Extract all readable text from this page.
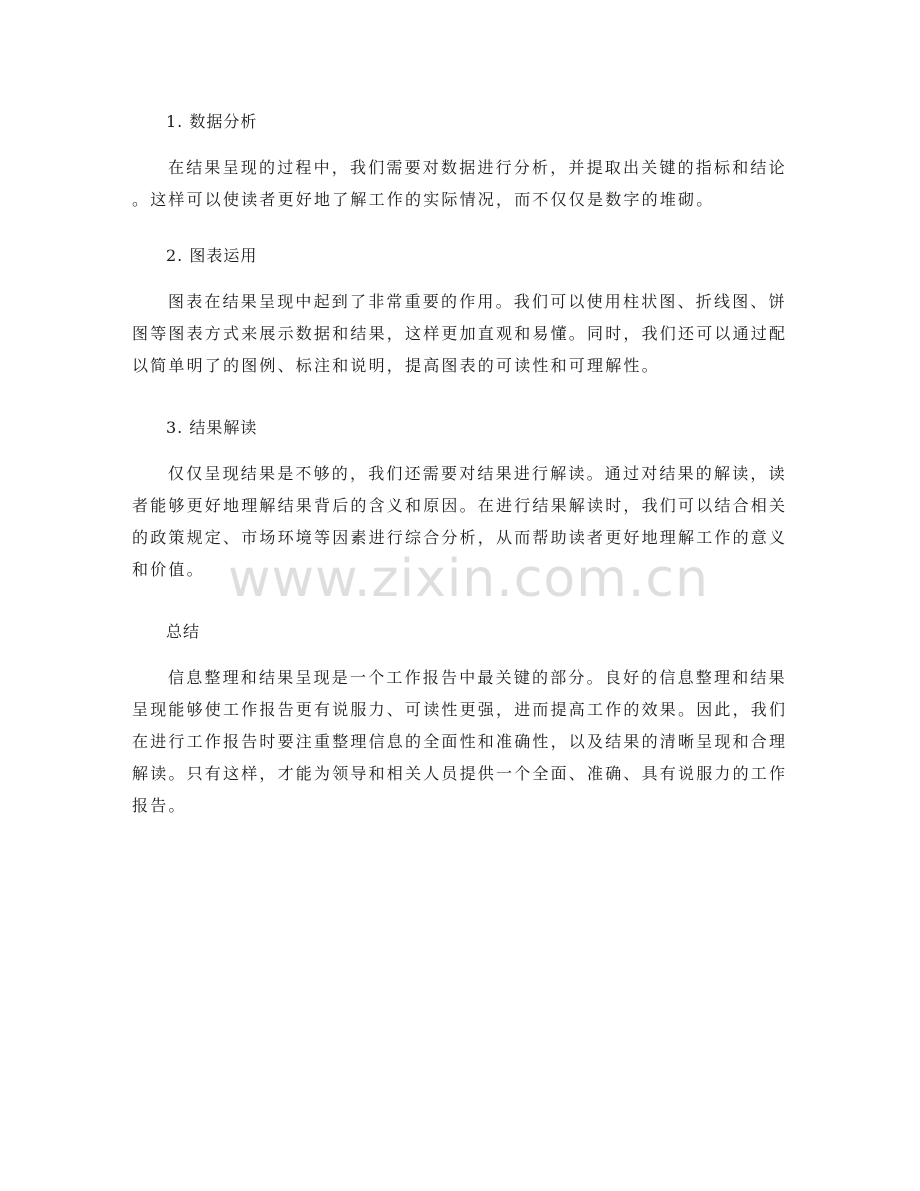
1. 数据分析
在结果呈现的过程中，我们需要对数据进行分析，并提取出关键的指标和结论
。这样可以使读者更好地了解工作的实际情况，而不仅仅是数字的堆砌。
2. 图表运用
图表在结果呈现中起到了非常重要的作用。我们可以使用柱状图、折线图、饼
图等图表方式来展示数据和结果，这样更加直观和易懂。同时，我们还可以通过配
以简单明了的图例、标注和说明，提高图表的可读性和可理解性。
3. 结果解读
仅仅呈现结果是不够的，我们还需要对结果进行解读。通过对结果的解读，读
者能够更好地理解结果背后的含义和原因。在进行结果解读时，我们可以结合相关
的政策规定、市场环境等因素进行综合分析，从而帮助读者更好地理解工作的意义
和价值。
总结
信息整理和结果呈现是一个工作报告中最关键的部分。良好的信息整理和结果
呈现能够使工作报告更有说服力、可读性更强，进而提高工作的效果。因此，我们
在进行工作报告时要注重整理信息的全面性和准确性，以及结果的清晰呈现和合理
解读。只有这样，才能为领导和相关人员提供一个全面、准确、具有说服力的工作
报告。
www.zixin.com.cn
